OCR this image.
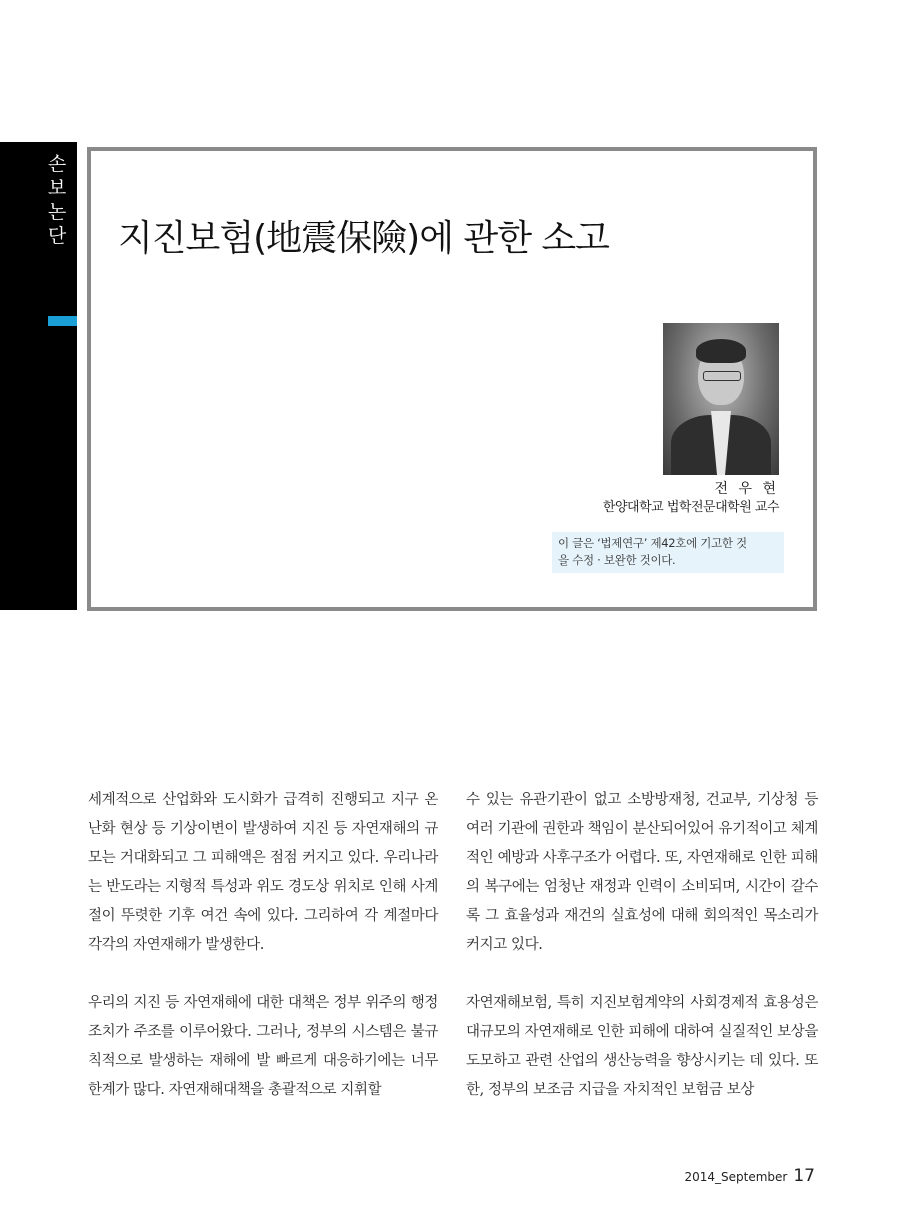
손
보
논
단 지진보험(地震保險)에 관한 소고
전 우 현
한양대학교 법학전문대학원 교수
이 글은 ‘법제연구’ 제42호에 기고한 것
을 수정 · 보완한 것이다.

세계적으로 산업화와 도시화가 급격히 진행되고 지구 온난화 현상 등 기상이변이 발생하여 지진 등 자연재해의 규모는 거대화되고 그 피해액은 점점 커지고 있다. 우리나라는 반도라는 지형적 특성과 위도 경도상 위치로 인해 사계절이 뚜렷한 기후 여건 속에 있다. 그리하여 각 계절마다 각각의 자연재해가 발생한다.

우리의 지진 등 자연재해에 대한 대책은 정부 위주의 행정조치가 주조를 이루어왔다. 그러나, 정부의 시스템은 불규칙적으로 발생하는 재해에 발 빠르게 대응하기에는 너무 한계가 많다. 자연재해대책을 총괄적으로 지휘할

수 있는 유관기관이 없고 소방방재청, 건교부, 기상청 등 여러 기관에 권한과 책임이 분산되어있어 유기적이고 체계적인 예방과 사후구조가 어렵다. 또, 자연재해로 인한 피해의 복구에는 엄청난 재정과 인력이 소비되며, 시간이 갈수록 그 효율성과 재건의 실효성에 대해 회의적인 목소리가 커지고 있다.

자연재해보험, 특히 지진보험계약의 사회경제적 효용성은 대규모의 자연재해로 인한 피해에 대하여 실질적인 보상을 도모하고 관련 산업의 생산능력을 향상시키는 데 있다. 또한, 정부의 보조금 지급을 자치적인 보험금 보상

2014_September 17
